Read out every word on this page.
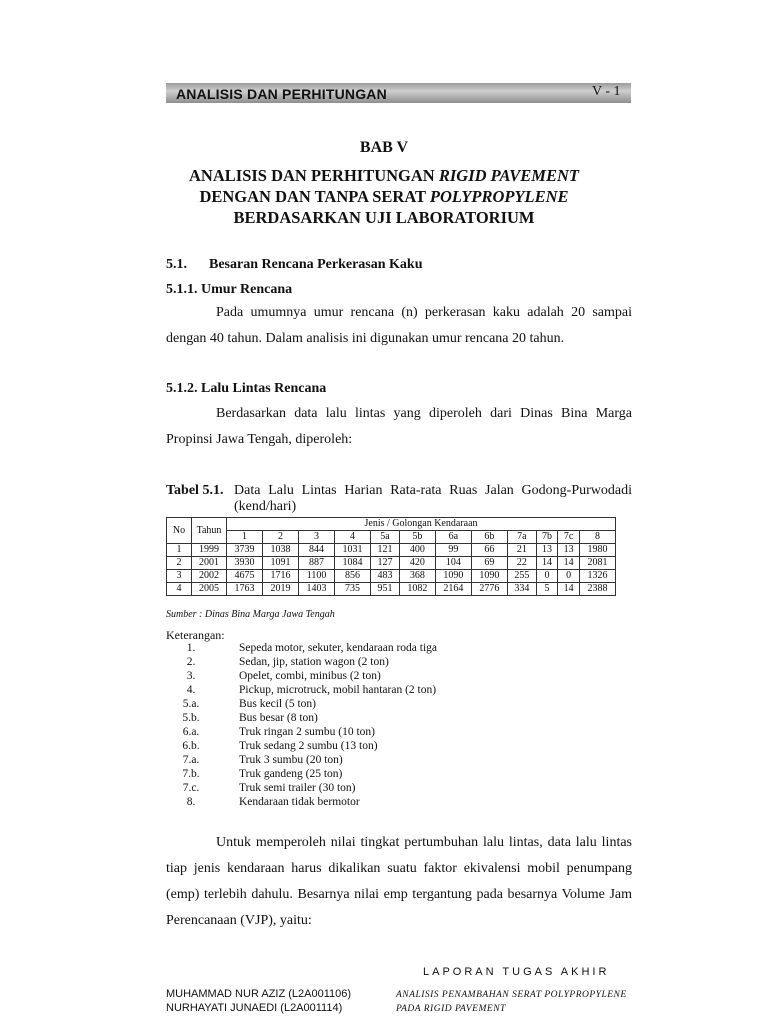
ANALISIS DAN PERHITUNGAN	V - 1
BAB V
ANALISIS DAN PERHITUNGAN RIGID PAVEMENT
DENGAN DAN TANPA SERAT POLYPROPYLENE
BERDASARKAN UJI LABORATORIUM
5.1. Besaran Rencana Perkerasan Kaku
5.1.1. Umur Rencana
Pada umumnya umur rencana (n) perkerasan kaku adalah 20 sampai
dengan 40 tahun. Dalam analisis ini digunakan umur rencana 20 tahun.
5.1.2. Lalu Lintas Rencana
Berdasarkan data lalu lintas yang diperoleh dari Dinas Bina Marga
Propinsi Jawa Tengah, diperoleh:
Tabel 5.1. Data Lalu Lintas Harian Rata-rata Ruas Jalan Godong-Purwodadi
(kend/hari)
No	Tahun	Jenis / Golongan Kendaraan											
		1	2	3	4	5a	5b	6a	6b	7a	7b	7c	8
1	1999	3739	1038	844	1031	121	400	99	66	21	13	13	1980
2	2001	3930	1091	887	1084	127	420	104	69	22	14	14	2081
3	2002	4675	1716	1100	856	483	368	1090	1090	255	0	0	1326
4	2005	1763	2019	1403	735	951	1082	2164	2776	334	5	14	2388
Sumber : Dinas Bina Marga Jawa Tengah
Keterangan:
1.	Sepeda motor, sekuter, kendaraan roda tiga
2.	Sedan, jip, station wagon (2 ton)
3.	Opelet, combi, minibus (2 ton)
4.	Pickup, microtruck, mobil hantaran (2 ton)
5.a.	Bus kecil (5 ton)
5.b.	Bus besar (8 ton)
6.a.	Truk ringan 2 sumbu (10 ton)
6.b.	Truk sedang 2 sumbu (13 ton)
7.a.	Truk 3 sumbu (20 ton)
7.b.	Truk gandeng (25 ton)
7.c.	Truk semi trailer (30 ton)
8.	Kendaraan tidak bermotor
Untuk memperoleh nilai tingkat pertumbuhan lalu lintas, data lalu lintas
tiap jenis kendaraan harus dikalikan suatu faktor ekivalensi mobil penumpang
(emp) terlebih dahulu. Besarnya nilai emp tergantung pada besarnya Volume Jam
Perencanaan (VJP), yaitu:
LAPORAN TUGAS AKHIR
MUHAMMAD NUR AZIZ (L2A001106)
NURHAYATI JUNAEDI (L2A001114)
ANALISIS PENAMBAHAN SERAT POLYPROPYLENE
PADA RIGID PAVEMENT
